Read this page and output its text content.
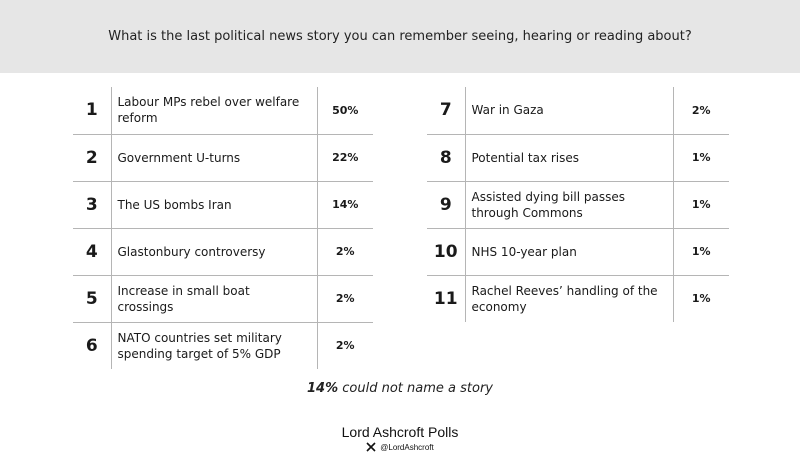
What is the last political news story you can remember seeing, hearing or reading about?
1	Labour MPs rebel over welfare reform	50%
2	Government U-turns	22%
3	The US bombs Iran	14%
4	Glastonbury controversy	2%
5	Increase in small boat crossings	2%
6	NATO countries set military spending target of 5% GDP	2%
7	War in Gaza	2%
8	Potential tax rises	1%
9	Assisted dying bill passes through Commons	1%
10	NHS 10-year plan	1%
11	Rachel Reeves’ handling of the economy	1%
14% could not name a story
Lord Ashcroft Polls
@LordAshcroft
